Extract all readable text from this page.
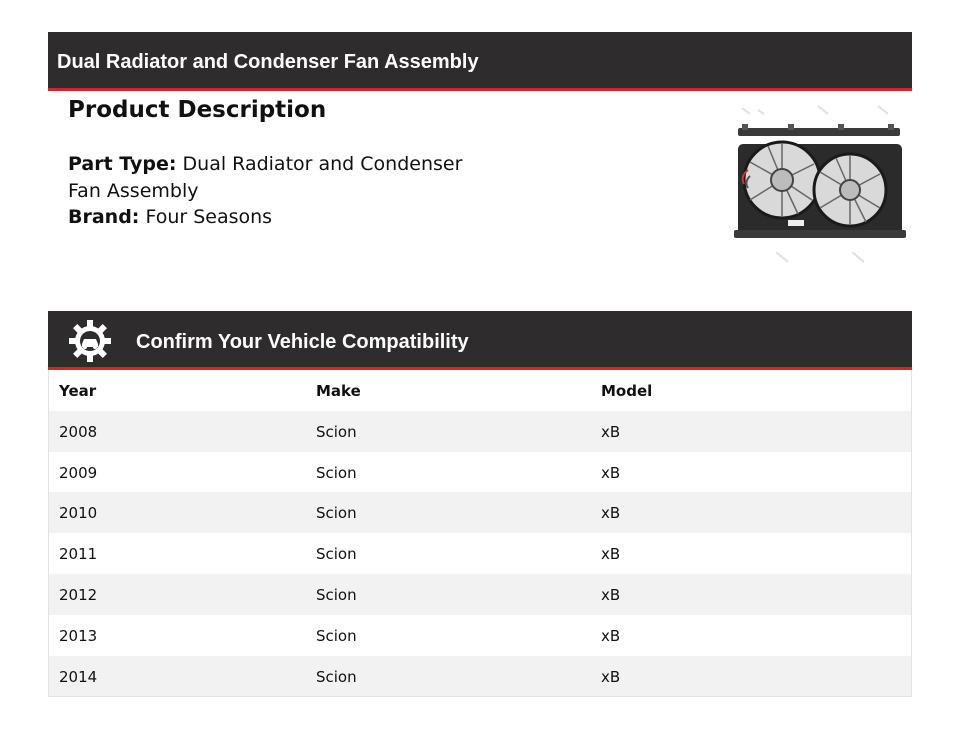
Dual Radiator and Condenser Fan Assembly
Product Description
Part Type: Dual Radiator and Condenser Fan Assembly
Brand: Four Seasons
Confirm Your Vehicle Compatibility
Year	Make	Model
2008	Scion	xB
2009	Scion	xB
2010	Scion	xB
2011	Scion	xB
2012	Scion	xB
2013	Scion	xB
2014	Scion	xB
